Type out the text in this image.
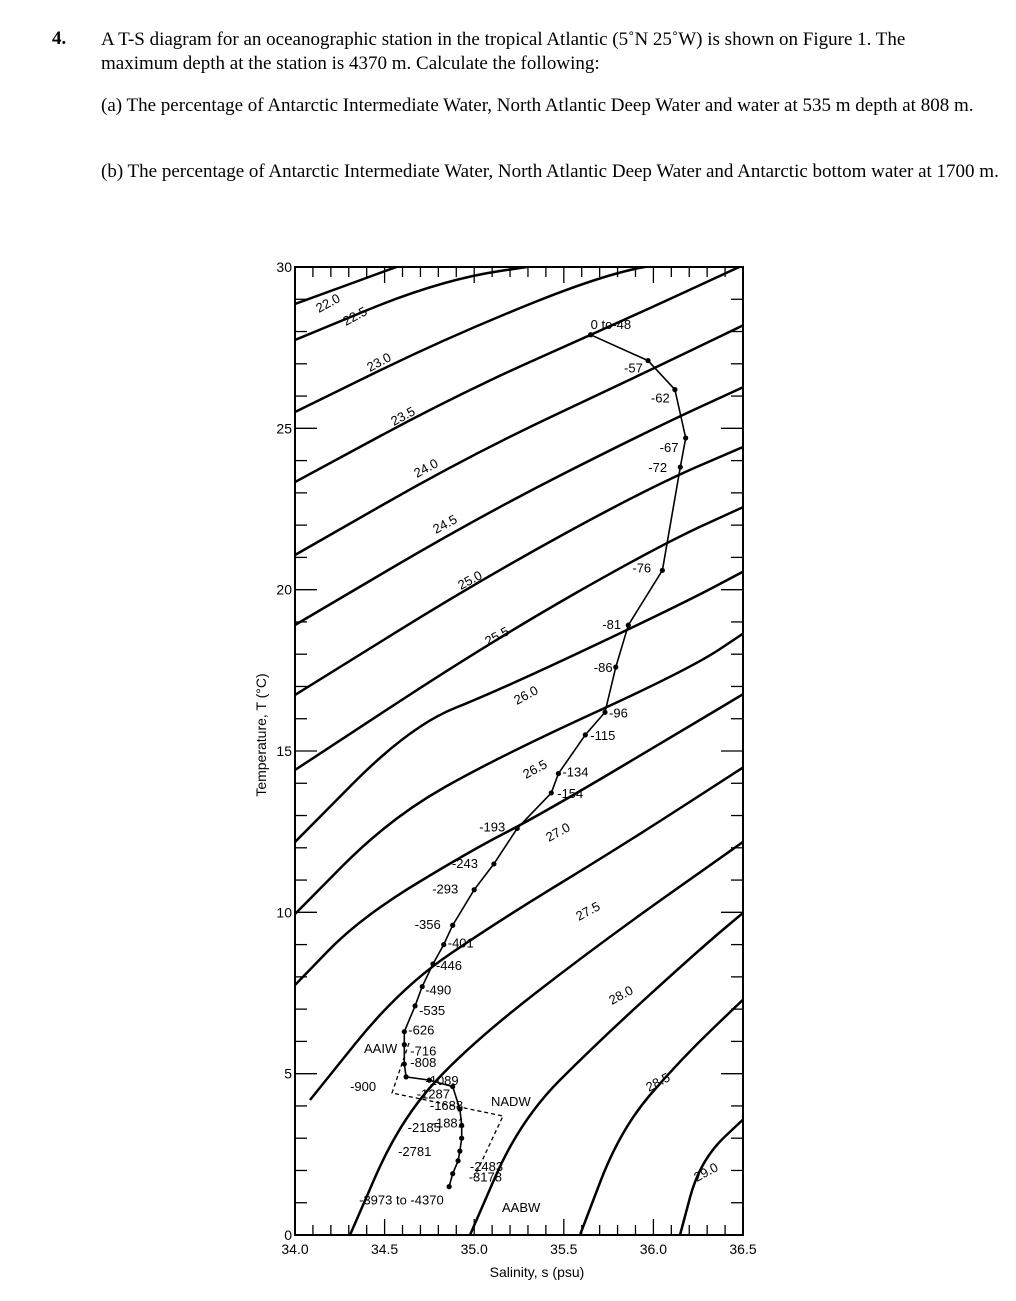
4. A T-S diagram for an oceanographic station in the tropical Atlantic (5˚N 25˚W) is shown on Figure 1. The maximum depth at the station is 4370 m. Calculate the following:
(a) The percentage of Antarctic Intermediate Water, North Atlantic Deep Water and water at 535 m depth at 808 m.
(b) The percentage of Antarctic Intermediate Water, North Atlantic Deep Water and Antarctic bottom water at 1700 m.
34.0	34.5	35.0	35.5	36.0	36.5
0
5
10
15
20
25
30
22.0
22.5
23.0
23.5
24.0
24.5
25.0
25.5
26.0
26.5
27.0
27.5
28.0
28.5
29.0
0 to-48
-57
-62
-67
-72
-76
-81
-86
-96
-115
-134
-154
-193
-243
-293
-356
-401
-446
-490
-535
-626
-716
-808
-900	-1089
-1287
-1688
-1881
-2185
-2483
-2781
-3178
-3973 to -4370
AAIW
NADW
AABW
Salinity, s (psu)
Temperature, T (°C)
